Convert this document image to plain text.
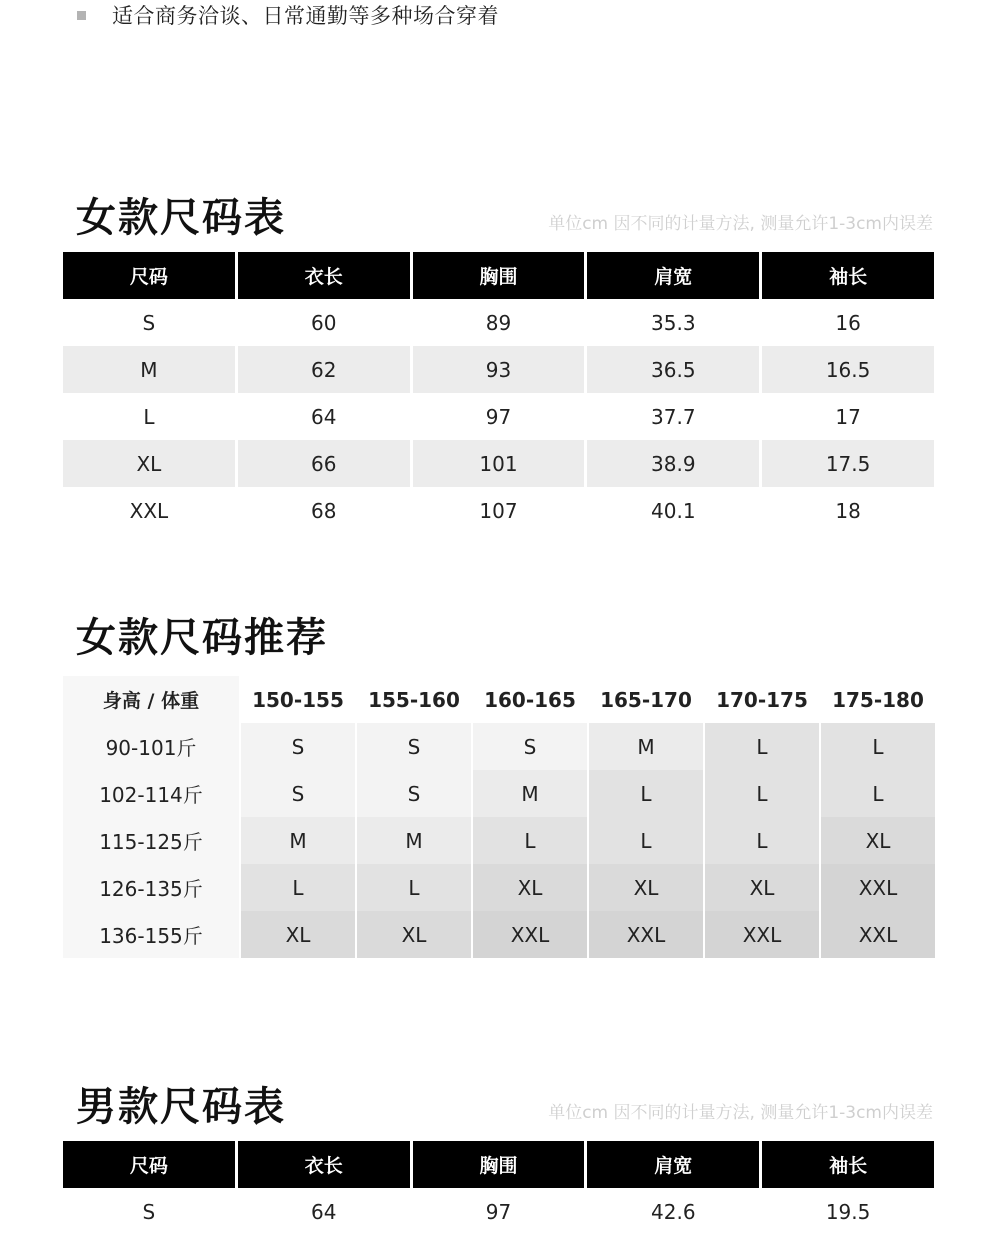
适合商务洽谈、日常通勤等多种场合穿着
女款尺码表	单位cm 因不同的计量方法, 测量允许1-3cm内误差
尺码	衣长	胸围	肩宽	袖长
S	60	89	35.3	16
M	62	93	36.5	16.5
L	64	97	37.7	17
XL	66	101	38.9	17.5
XXL	68	107	40.1	18
女款尺码推荐
身高 / 体重	150-155	155-160	160-165	165-170	170-175	175-180
90-101斤	S	S	S	M	L	L
102-114斤	S	S	M	L	L	L
115-125斤	M	M	L	L	L	XL
126-135斤	L	L	XL	XL	XL	XXL
136-155斤	XL	XL	XXL	XXL	XXL	XXL
男款尺码表	单位cm 因不同的计量方法, 测量允许1-3cm内误差
尺码	衣长	胸围	肩宽	袖长
S	64	97	42.6	19.5
